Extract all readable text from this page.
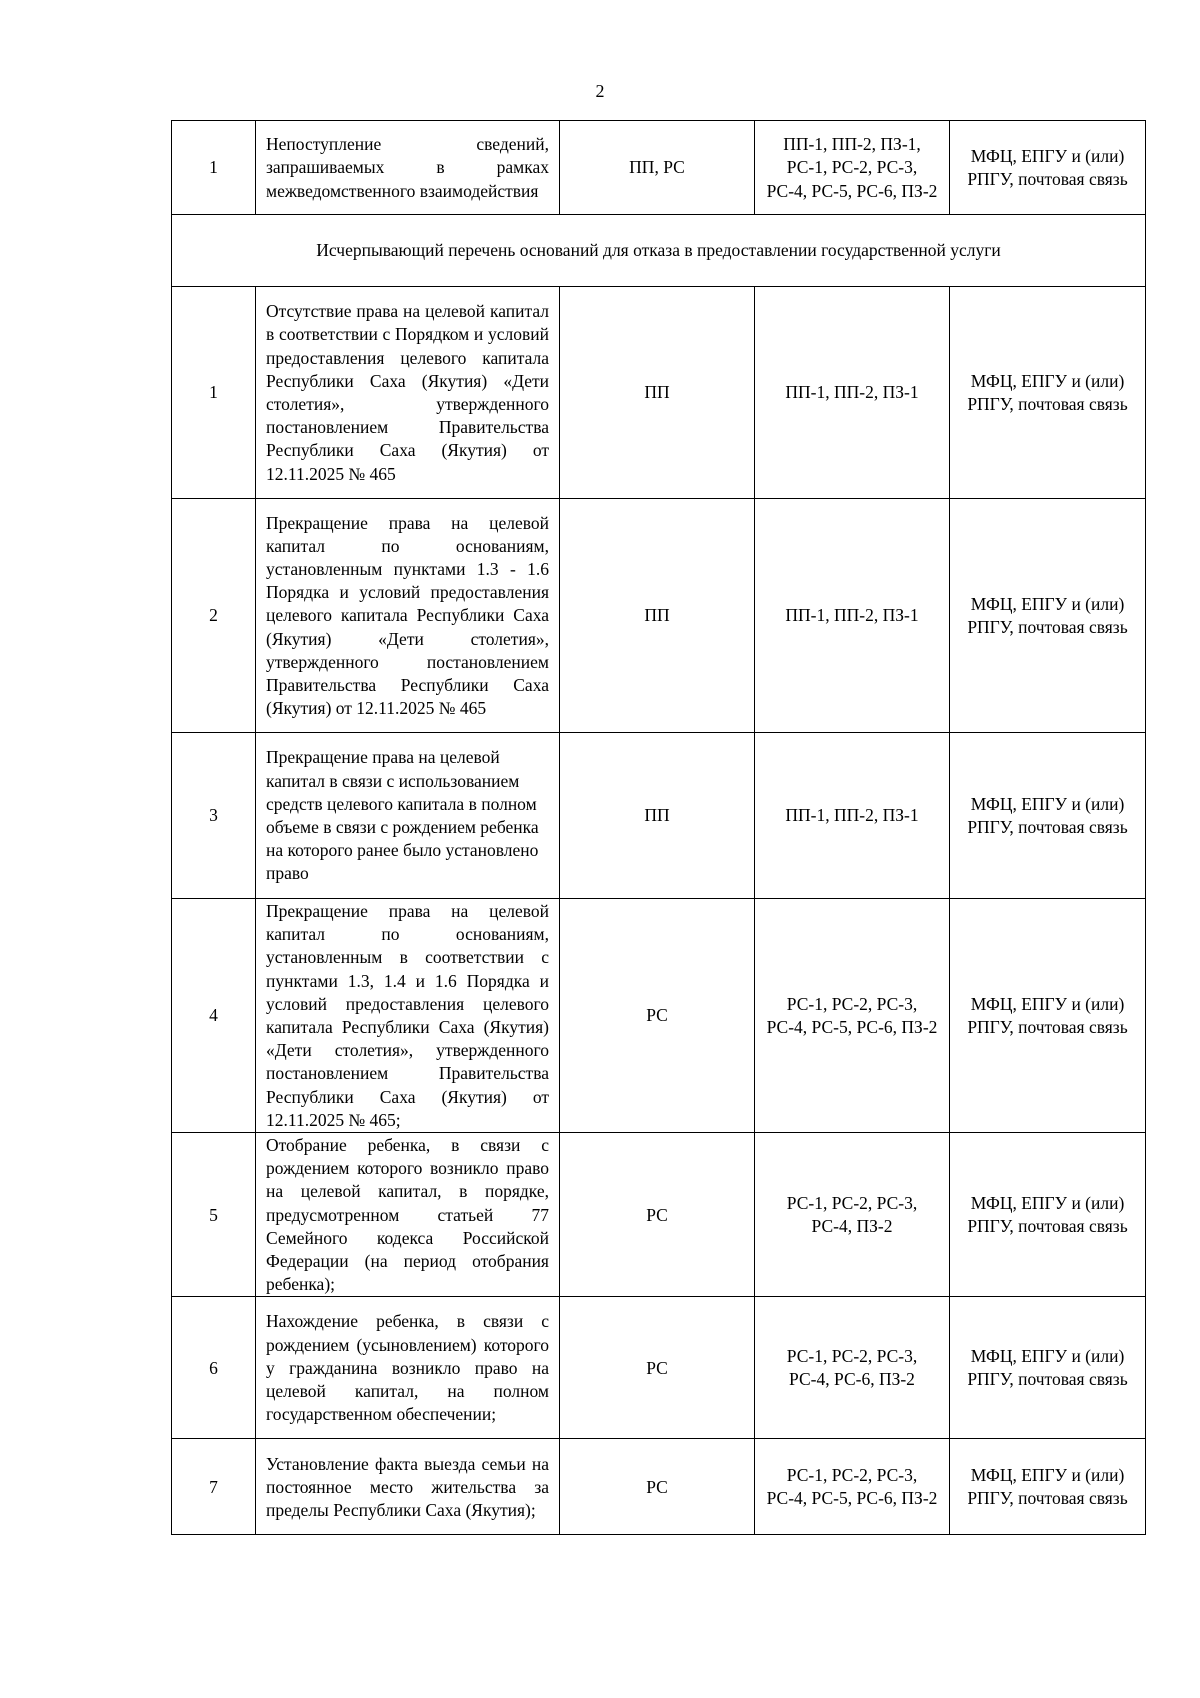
2
1	Непоступление сведений, запрашиваемых в рамках межведомственного взаимодействия	ПП, РС	ПП-1, ПП-2, ПЗ-1, РС-1, РС-2, РС-3, РС-4, РС-5, РС-6, ПЗ-2	МФЦ, ЕПГУ и (или) РПГУ, почтовая связь
Исчерпывающий перечень оснований для отказа в предоставлении государственной услуги				
1	Отсутствие права на целевой капитал в соответствии с Порядком и условий предоставления целевого капитала Республики Саха (Якутия) «Дети столетия», утвержденного постановлением Правительства Республики Саха (Якутия) от 12.11.2025 № 465	ПП	ПП-1, ПП-2, ПЗ-1	МФЦ, ЕПГУ и (или) РПГУ, почтовая связь
2	Прекращение права на целевой капитал по основаниям, установленным пунктами 1.3 - 1.6 Порядка и условий предоставления целевого капитала Республики Саха (Якутия) «Дети столетия», утвержденного постановлением Правительства Республики Саха (Якутия) от 12.11.2025 № 465	ПП	ПП-1, ПП-2, ПЗ-1	МФЦ, ЕПГУ и (или) РПГУ, почтовая связь
3	Прекращение права на целевой капитал в связи с использованием средств целевого капитала в полном объеме в связи с рождением ребенка на которого ранее было установлено право	ПП	ПП-1, ПП-2, ПЗ-1	МФЦ, ЕПГУ и (или) РПГУ, почтовая связь
4	Прекращение права на целевой капитал по основаниям, установленным в соответствии с пунктами 1.3, 1.4 и 1.6 Порядка и условий предоставления целевого капитала Республики Саха (Якутия) «Дети столетия», утвержденного постановлением Правительства Республики Саха (Якутия) от 12.11.2025 № 465;	РС	РС-1, РС-2, РС-3, РС-4, РС-5, РС-6, ПЗ-2	МФЦ, ЕПГУ и (или) РПГУ, почтовая связь
5	Отобрание ребенка, в связи с рождением которого возникло право на целевой капитал, в порядке, предусмотренном статьей 77 Семейного кодекса Российской Федерации (на период отобрания ребенка);	РС	РС-1, РС-2, РС-3, РС-4, ПЗ-2	МФЦ, ЕПГУ и (или) РПГУ, почтовая связь
6	Нахождение ребенка, в связи с рождением (усыновлением) которого у гражданина возникло право на целевой капитал, на полном государственном обеспечении;	РС	РС-1, РС-2, РС-3, РС-4, РС-6, ПЗ-2	МФЦ, ЕПГУ и (или) РПГУ, почтовая связь
7	Установление факта выезда семьи на постоянное место жительства за пределы Республики Саха (Якутия);	РС	РС-1, РС-2, РС-3, РС-4, РС-5, РС-6, ПЗ-2	МФЦ, ЕПГУ и (или) РПГУ, почтовая связь
